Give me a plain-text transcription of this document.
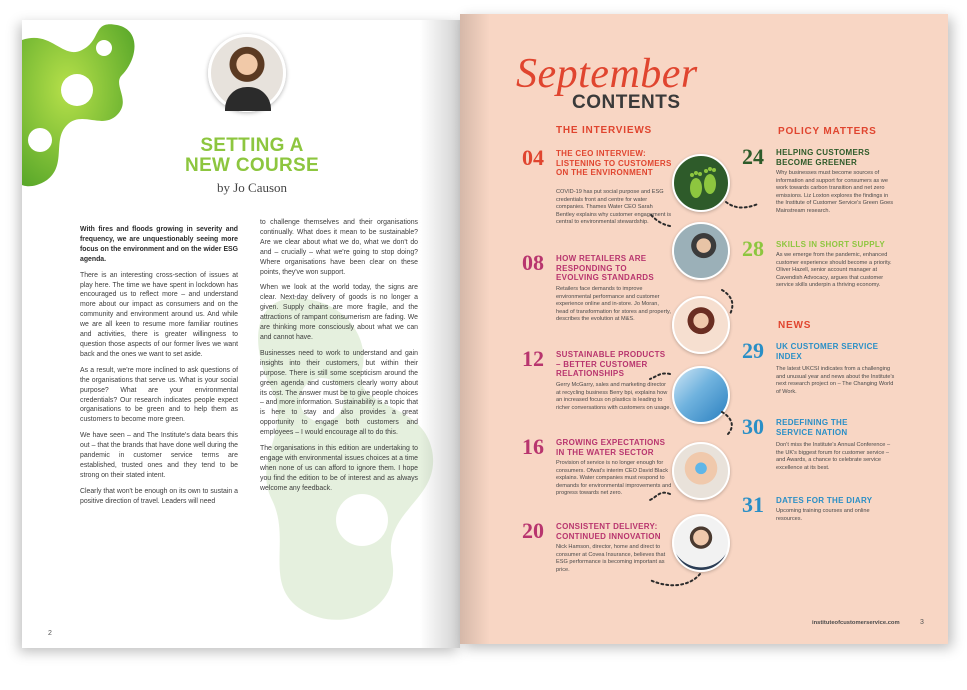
SETTING A
NEW COURSE
by Jo Causon

With fires and floods growing in severity and frequency, we are unquestionably seeing more focus on the environment and on the wider ESG agenda.

There is an interesting cross-section of issues at play here. The time we have spent in lockdown has encouraged us to reflect more – and understand more about our impact as consumers and on the community and environment around us. And while we are all keen to resume more familiar routines and activities, there is greater willingness to question those aspects of our former lives we want back and the ones we want to set aside.

As a result, we're more inclined to ask questions of the organisations that serve us. What is your social purpose? What are your environmental credentials? Our research indicates people expect organisations to be green and to help them as customers to become more green.

We have seen – and The Institute's data bears this out – that the brands that have done well during the pandemic in customer service terms are established, trusted ones and they tend to be strong on their stated intent.

Clearly that won't be enough on its own to sustain a positive direction of travel. Leaders will need

to challenge themselves and their organisations continually. What does it mean to be sustainable? Are we clear about what we do, what we don't do and – crucially – what we're going to stop doing? Where organisations have been clear on these points, they've won support.

When we look at the world today, the signs are clear. Next-day delivery of goods is no longer a given. Supply chains are more fragile, and the attractions of rampant consumerism are fading. We are thinking more consciously about what we can and cannot have.

Businesses need to work to understand and gain insights into their customers, but within their purpose. There is still some scepticism around the green agenda and customers clearly worry about its cost. The answer must be to give people choices – and more information. Sustainability is a topic that is here to stay and also provides a great opportunity to engage both customers and employees – I would encourage all to do this.

The organisations in this edition are undertaking to engage with environmental issues choices at a time when none of us can afford to ignore them. I hope you find the edition to be of interest and as always welcome any feedback.

2
September
CONTENTS
THE INTERVIEWS
04 THE CEO INTERVIEW: LISTENING TO CUSTOMERS ON THE ENVIRONMENT
COVID-19 has put social purpose and ESG credentials front and centre for water companies. Thames Water CEO Sarah Bentley explains why customer engagement is central to environmental stewardship.
08 HOW RETAILERS ARE RESPONDING TO EVOLVING STANDARDS
Retailers face demands to improve environmental performance and customer experience online and in-store. Jo Moran, head of transformation for stores and property, describes the evolution at M&S.
12 SUSTAINABLE PRODUCTS – BETTER CUSTOMER RELATIONSHIPS
Gerry McGarry, sales and marketing director at recycling business Berry bpi, explains how an increased focus on plastics is leading to richer conversations with customers on usage.
16 GROWING EXPECTATIONS IN THE WATER SECTOR
Provision of service is no longer enough for consumers. Ofwat's interim CEO David Black explains. Water companies must respond to demands for environmental improvements and progress towards net zero.
20 CONSISTENT DELIVERY: CONTINUED INNOVATION
Nick Hamson, director, home and direct to consumer at Covea Insurance, believes that ESG performance is becoming important as price.
POLICY MATTERS
24 HELPING CUSTOMERS BECOME GREENER
Why businesses must become sources of information and support for consumers as we work towards carbon transition and net zero emissions. Liz Loxton explores the findings in the Institute of Customer Service's Green Goes Mainstream research.
28 SKILLS IN SHORT SUPPLY
As we emerge from the pandemic, enhanced customer experience should become a priority. Oliver Hazell, senior account manager at Cavendish Advocacy, argues that customer service skills underpin a thriving economy.
NEWS
29 UK CUSTOMER SERVICE INDEX
The latest UKCSI indicates from a challenging and unusual year and news about the Institute's next research project on – The Changing World of Work.
30 REDEFINING THE SERVICE NATION
Don't miss the Institute's Annual Conference – the UK's biggest forum for customer service – and Awards, a chance to celebrate service excellence at its best.
31 DATES FOR THE DIARY
Upcoming training courses and online resources.
instituteofcustomerservice.com	3
